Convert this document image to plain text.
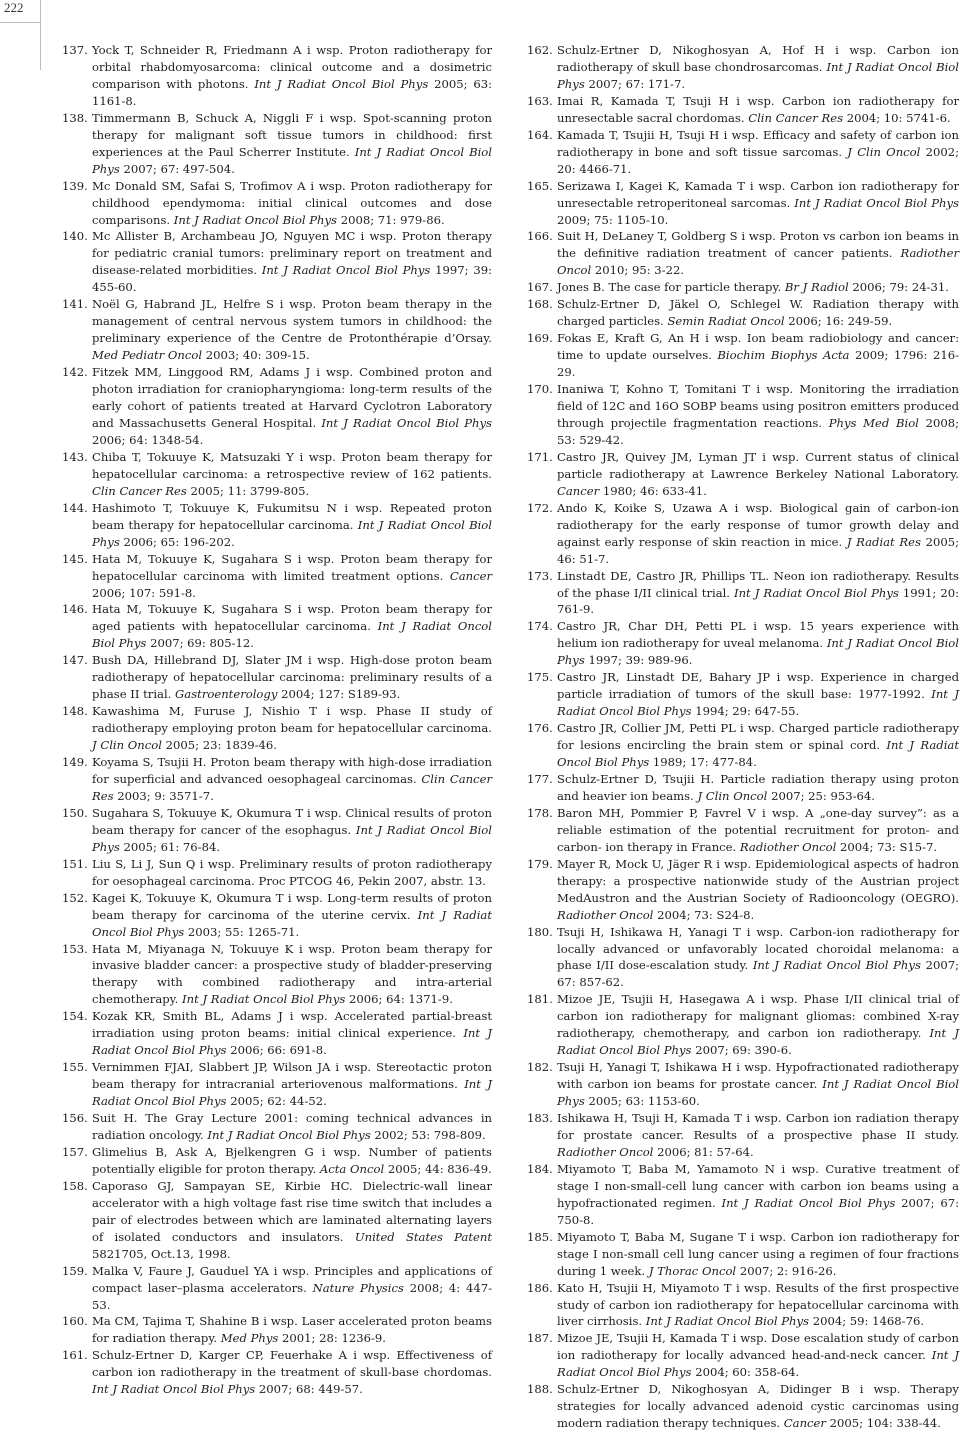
222

137. Yock T, Schneider R, Friedmann A i wsp. Proton radiotherapy for orbital rhabdomyosarcoma: clinical outcome and a dosimetric comparison with photons. Int J Radiat Oncol Biol Phys 2005; 63: 1161-8.

138. Timmermann B, Schuck A, Niggli F i wsp. Spot-scanning proton therapy for malignant soft tissue tumors in childhood: first experiences at the Paul Scherrer Institute. Int J Radiat Oncol Biol Phys 2007; 67: 497-504.

139. Mc Donald SM, Safai S, Trofimov A i wsp. Proton radiotherapy for childhood ependymoma: initial clinical outcomes and dose comparisons. Int J Radiat Oncol Biol Phys 2008; 71: 979-86.

140. Mc Allister B, Archambeau JO, Nguyen MC i wsp. Proton therapy for pediatric cranial tumors: preliminary report on treatment and disease-related morbidities. Int J Radiat Oncol Biol Phys 1997; 39: 455-60.

141. Noël G, Habrand JL, Helfre S i wsp. Proton beam therapy in the management of central nervous system tumors in childhood: the preliminary experience of the Centre de Protonthérapie d’Orsay. Med Pediatr Oncol 2003; 40: 309-15.

142. Fitzek MM, Linggood RM, Adams J i wsp. Combined proton and photon irradiation for craniopharyngioma: long-term results of the early cohort of patients treated at Harvard Cyclotron Laboratory and Massachusetts General Hospital. Int J Radiat Oncol Biol Phys 2006; 64: 1348-54.

143. Chiba T, Tokuuye K, Matsuzaki Y i wsp. Proton beam therapy for hepatocellular carcinoma: a retrospective review of 162 patients. Clin Cancer Res 2005; 11: 3799-805.

144. Hashimoto T, Tokuuye K, Fukumitsu N i wsp. Repeated proton beam therapy for hepatocellular carcinoma. Int J Radiat Oncol Biol Phys 2006; 65: 196-202.

145. Hata M, Tokuuye K, Sugahara S i wsp. Proton beam therapy for hepatocellular carcinoma with limited treatment options. Cancer 2006; 107: 591-8.

146. Hata M, Tokuuye K, Sugahara S i wsp. Proton beam therapy for aged patients with hepatocellular carcinoma. Int J Radiat Oncol Biol Phys 2007; 69: 805-12.

147. Bush DA, Hillebrand DJ, Slater JM i wsp. High-dose proton beam radiotherapy of hepatocellular carcinoma: preliminary results of a phase II trial. Gastroenterology 2004; 127: S189-93.

148. Kawashima M, Furuse J, Nishio T i wsp. Phase II study of radiotherapy employing proton beam for hepatocellular carcinoma. J Clin Oncol 2005; 23: 1839-46.

149. Koyama S, Tsujii H. Proton beam therapy with high-dose irradiation for superficial and advanced oesophageal carcinomas. Clin Cancer Res 2003; 9: 3571-7.

150. Sugahara S, Tokuuye K, Okumura T i wsp. Clinical results of proton beam therapy for cancer of the esophagus. Int J Radiat Oncol Biol Phys 2005; 61: 76-84.

151. Liu S, Li J, Sun Q i wsp. Preliminary results of proton radiotherapy for oesophageal carcinoma. Proc PTCOG 46, Pekin 2007, abstr. 13.

152. Kagei K, Tokuuye K, Okumura T i wsp. Long-term results of proton beam therapy for carcinoma of the uterine cervix. Int J Radiat Oncol Biol Phys 2003; 55: 1265-71.

153. Hata M, Miyanaga N, Tokuuye K i wsp. Proton beam therapy for invasive bladder cancer: a prospective study of bladder-preserving therapy with combined radiotherapy and intra-arterial chemotherapy. Int J Radiat Oncol Biol Phys 2006; 64: 1371-9.

154. Kozak KR, Smith BL, Adams J i wsp. Accelerated partial-breast irradiation using proton beams: initial clinical experience. Int J Radiat Oncol Biol Phys 2006; 66: 691-8.

155. Vernimmen FJAI, Slabbert JP, Wilson JA i wsp. Stereotactic proton beam therapy for intracranial arteriovenous malformations. Int J Radiat Oncol Biol Phys 2005; 62: 44-52.

156. Suit H. The Gray Lecture 2001: coming technical advances in radiation oncology. Int J Radiat Oncol Biol Phys 2002; 53: 798-809.

157. Glimelius B, Ask A, Bjelkengren G i wsp. Number of patients potentially eligible for proton therapy. Acta Oncol 2005; 44: 836-49.

158. Caporaso GJ, Sampayan SE, Kirbie HC. Dielectric-wall linear accelerator with a high voltage fast rise time switch that includes a pair of electrodes between which are laminated alternating layers of isolated conductors and insulators. United States Patent 5821705, Oct.13, 1998.

159. Malka V, Faure J, Gauduel YA i wsp. Principles and applications of compact laser–plasma accelerators. Nature Physics 2008; 4: 447-53.

160. Ma CM, Tajima T, Shahine B i wsp. Laser accelerated proton beams for radiation therapy. Med Phys 2001; 28: 1236-9.

161. Schulz-Ertner D, Karger CP, Feuerhake A i wsp. Effectiveness of carbon ion radiotherapy in the treatment of skull-base chordomas. Int J Radiat Oncol Biol Phys 2007; 68: 449-57.

162. Schulz-Ertner D, Nikoghosyan A, Hof H i wsp. Carbon ion radiotherapy of skull base chondrosarcomas. Int J Radiat Oncol Biol Phys 2007; 67: 171-7.

163. Imai R, Kamada T, Tsuji H i wsp. Carbon ion radiotherapy for unresectable sacral chordomas. Clin Cancer Res 2004; 10: 5741-6.

164. Kamada T, Tsujii H, Tsuji H i wsp. Efficacy and safety of carbon ion radiotherapy in bone and soft tissue sarcomas. J Clin Oncol 2002; 20: 4466-71.

165. Serizawa I, Kagei K, Kamada T i wsp. Carbon ion radiotherapy for unresectable retroperitoneal sarcomas. Int J Radiat Oncol Biol Phys 2009; 75: 1105-10.

166. Suit H, DeLaney T, Goldberg S i wsp. Proton vs carbon ion beams in the definitive radiation treatment of cancer patients. Radiother Oncol 2010; 95: 3-22.

167. Jones B. The case for particle therapy. Br J Radiol 2006; 79: 24-31.

168. Schulz-Ertner D, Jäkel O, Schlegel W. Radiation therapy with charged particles. Semin Radiat Oncol 2006; 16: 249-59.

169. Fokas E, Kraft G, An H i wsp. Ion beam radiobiology and cancer: time to update ourselves. Biochim Biophys Acta 2009; 1796: 216-29.

170. Inaniwa T, Kohno T, Tomitani T i wsp. Monitoring the irradiation field of 12C and 16O SOBP beams using positron emitters produced through projectile fragmentation reactions. Phys Med Biol 2008; 53: 529-42.

171. Castro JR, Quivey JM, Lyman JT i wsp. Current status of clinical particle radiotherapy at Lawrence Berkeley National Laboratory. Cancer 1980; 46: 633-41.

172. Ando K, Koike S, Uzawa A i wsp. Biological gain of carbon-ion radiotherapy for the early response of tumor growth delay and against early response of skin reaction in mice. J Radiat Res 2005; 46: 51-7.

173. Linstadt DE, Castro JR, Phillips TL. Neon ion radiotherapy. Results of the phase I/II clinical trial. Int J Radiat Oncol Biol Phys 1991; 20: 761-9.

174. Castro JR, Char DH, Petti PL i wsp. 15 years experience with helium ion radiotherapy for uveal melanoma. Int J Radiat Oncol Biol Phys 1997; 39: 989-96.

175. Castro JR, Linstadt DE, Bahary JP i wsp. Experience in charged particle irradiation of tumors of the skull base: 1977-1992. Int J Radiat Oncol Biol Phys 1994; 29: 647-55.

176. Castro JR, Collier JM, Petti PL i wsp. Charged particle radiotherapy for lesions encircling the brain stem or spinal cord. Int J Radiat Oncol Biol Phys 1989; 17: 477-84.

177. Schulz-Ertner D, Tsujii H. Particle radiation therapy using proton and heavier ion beams. J Clin Oncol 2007; 25: 953-64.

178. Baron MH, Pommier P, Favrel V i wsp. A „one-day survey”: as a reliable estimation of the potential recruitment for proton- and carbon- ion therapy in France. Radiother Oncol 2004; 73: S15-7.

179. Mayer R, Mock U, Jäger R i wsp. Epidemiological aspects of hadron therapy: a prospective nationwide study of the Austrian project MedAustron and the Austrian Society of Radiooncology (OEGRO). Radiother Oncol 2004; 73: S24-8.

180. Tsuji H, Ishikawa H, Yanagi T i wsp. Carbon-ion radiotherapy for locally advanced or unfavorably located choroidal melanoma: a phase I/II dose-escalation study. Int J Radiat Oncol Biol Phys 2007; 67: 857-62.

181. Mizoe JE, Tsujii H, Hasegawa A i wsp. Phase I/II clinical trial of carbon ion radiotherapy for malignant gliomas: combined X-ray radiotherapy, chemotherapy, and carbon ion radiotherapy. Int J Radiat Oncol Biol Phys 2007; 69: 390-6.

182. Tsuji H, Yanagi T, Ishikawa H i wsp. Hypofractionated radiotherapy with carbon ion beams for prostate cancer. Int J Radiat Oncol Biol Phys 2005; 63: 1153-60.

183. Ishikawa H, Tsuji H, Kamada T i wsp. Carbon ion radiation therapy for prostate cancer. Results of a prospective phase II study. Radiother Oncol 2006; 81: 57-64.

184. Miyamoto T, Baba M, Yamamoto N i wsp. Curative treatment of stage I non-small-cell lung cancer with carbon ion beams using a hypofractionated regimen. Int J Radiat Oncol Biol Phys 2007; 67: 750-8.

185. Miyamoto T, Baba M, Sugane T i wsp. Carbon ion radiotherapy for stage I non-small cell lung cancer using a regimen of four fractions during 1 week. J Thorac Oncol 2007; 2: 916-26.

186. Kato H, Tsujii H, Miyamoto T i wsp. Results of the first prospective study of carbon ion radiotherapy for hepatocellular carcinoma with liver cirrhosis. Int J Radiat Oncol Biol Phys 2004; 59: 1468-76.

187. Mizoe JE, Tsujii H, Kamada T i wsp. Dose escalation study of carbon ion radiotherapy for locally advanced head-and-neck cancer. Int J Radiat Oncol Biol Phys 2004; 60: 358-64.

188. Schulz-Ertner D, Nikoghosyan A, Didinger B i wsp. Therapy strategies for locally advanced adenoid cystic carcinomas using modern radiation therapy techniques. Cancer 2005; 104: 338-44.
